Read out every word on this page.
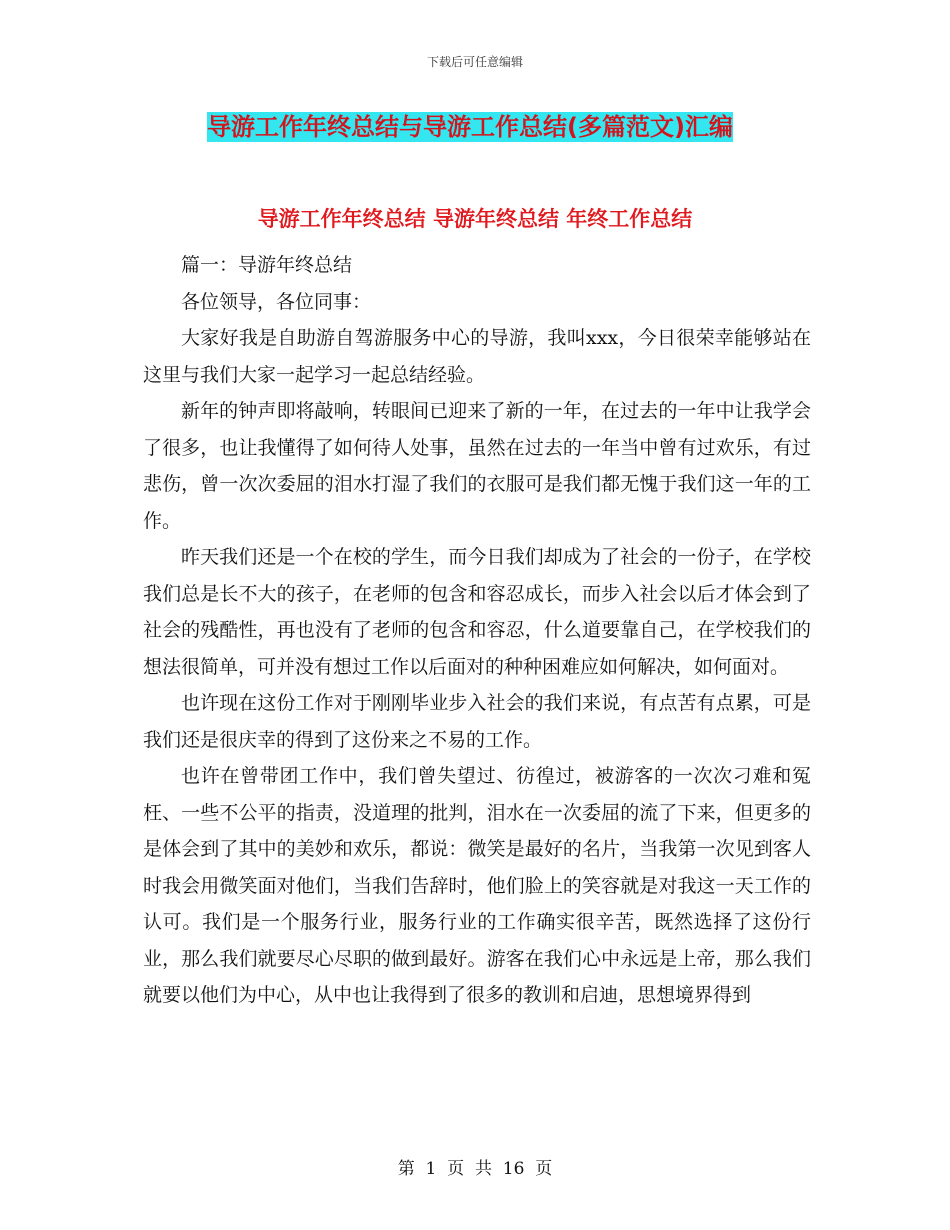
下载后可任意编辑
导游工作年终总结与导游工作总结(多篇范文)汇编
导游工作年终总结 导游年终总结 年终工作总结

篇一：导游年终总结

各位领导，各位同事：

大家好我是自助游自驾游服务中心的导游，我叫xxx，今日很荣幸能够站在这里与我们大家一起学习一起总结经验。

新年的钟声即将敲响，转眼间已迎来了新的一年，在过去的一年中让我学会了很多，也让我懂得了如何待人处事，虽然在过去的一年当中曾有过欢乐，有过悲伤，曾一次次委屈的泪水打湿了我们的衣服可是我们都无愧于我们这一年的工作。

昨天我们还是一个在校的学生，而今日我们却成为了社会的一份子，在学校我们总是长不大的孩子，在老师的包含和容忍成长，而步入社会以后才体会到了社会的残酷性，再也没有了老师的包含和容忍，什么道要靠自己，在学校我们的想法很简单，可并没有想过工作以后面对的种种困难应如何解决，如何面对。

也许现在这份工作对于刚刚毕业步入社会的我们来说，有点苦有点累，可是我们还是很庆幸的得到了这份来之不易的工作。

也许在曾带团工作中，我们曾失望过、彷徨过，被游客的一次次刁难和冤枉、一些不公平的指责，没道理的批判，泪水在一次委屈的流了下来，但更多的是体会到了其中的美妙和欢乐，都说：微笑是最好的名片，当我第一次见到客人时我会用微笑面对他们，当我们告辞时，他们脸上的笑容就是对我这一天工作的认可。我们是一个服务行业，服务行业的工作确实很辛苦，既然选择了这份行业，那么我们就要尽心尽职的做到最好。游客在我们心中永远是上帝，那么我们就要以他们为中心，从中也让我得到了很多的教训和启迪，思想境界得到

第  1  页  共  16  页
